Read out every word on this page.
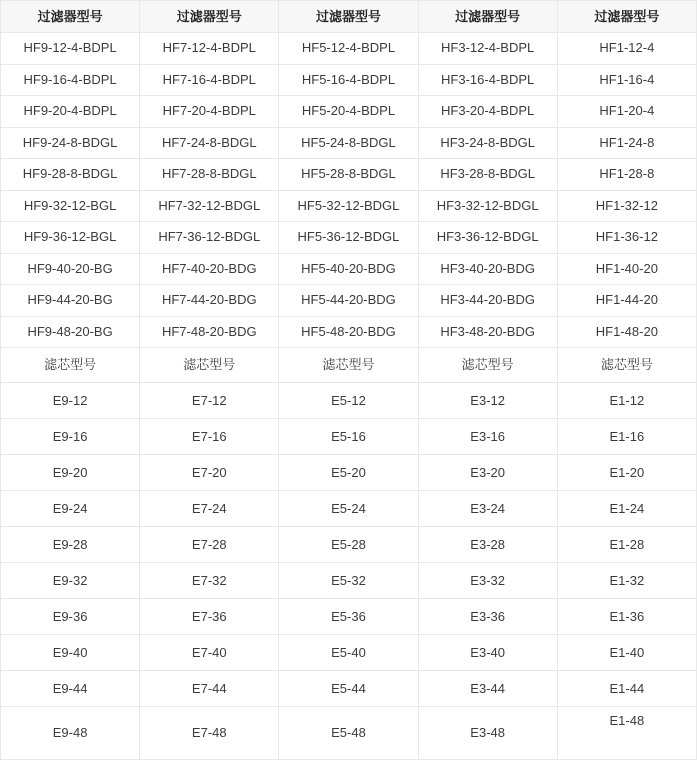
过滤器型号	过滤器型号	过滤器型号	过滤器型号	过滤器型号
HF9-12-4-BDPL	HF7-12-4-BDPL	HF5-12-4-BDPL	HF3-12-4-BDPL	HF1-12-4
HF9-16-4-BDPL	HF7-16-4-BDPL	HF5-16-4-BDPL	HF3-16-4-BDPL	HF1-16-4
HF9-20-4-BDPL	HF7-20-4-BDPL	HF5-20-4-BDPL	HF3-20-4-BDPL	HF1-20-4
HF9-24-8-BDGL	HF7-24-8-BDGL	HF5-24-8-BDGL	HF3-24-8-BDGL	HF1-24-8
HF9-28-8-BDGL	HF7-28-8-BDGL	HF5-28-8-BDGL	HF3-28-8-BDGL	HF1-28-8
HF9-32-12-BGL	HF7-32-12-BDGL	HF5-32-12-BDGL	HF3-32-12-BDGL	HF1-32-12
HF9-36-12-BGL	HF7-36-12-BDGL	HF5-36-12-BDGL	HF3-36-12-BDGL	HF1-36-12
HF9-40-20-BG	HF7-40-20-BDG	HF5-40-20-BDG	HF3-40-20-BDG	HF1-40-20
HF9-44-20-BG	HF7-44-20-BDG	HF5-44-20-BDG	HF3-44-20-BDG	HF1-44-20
HF9-48-20-BG	HF7-48-20-BDG	HF5-48-20-BDG	HF3-48-20-BDG	HF1-48-20
滤芯型号	滤芯型号	滤芯型号	滤芯型号	滤芯型号
E9-12	E7-12	E5-12	E3-12	E1-12
E9-16	E7-16	E5-16	E3-16	E1-16
E9-20	E7-20	E5-20	E3-20	E1-20
E9-24	E7-24	E5-24	E3-24	E1-24
E9-28	E7-28	E5-28	E3-28	E1-28
E9-32	E7-32	E5-32	E3-32	E1-32
E9-36	E7-36	E5-36	E3-36	E1-36
E9-40	E7-40	E5-40	E3-40	E1-40
E9-44	E7-44	E5-44	E3-44	E1-44
E9-48	E7-48	E5-48	E3-48	E1-48
